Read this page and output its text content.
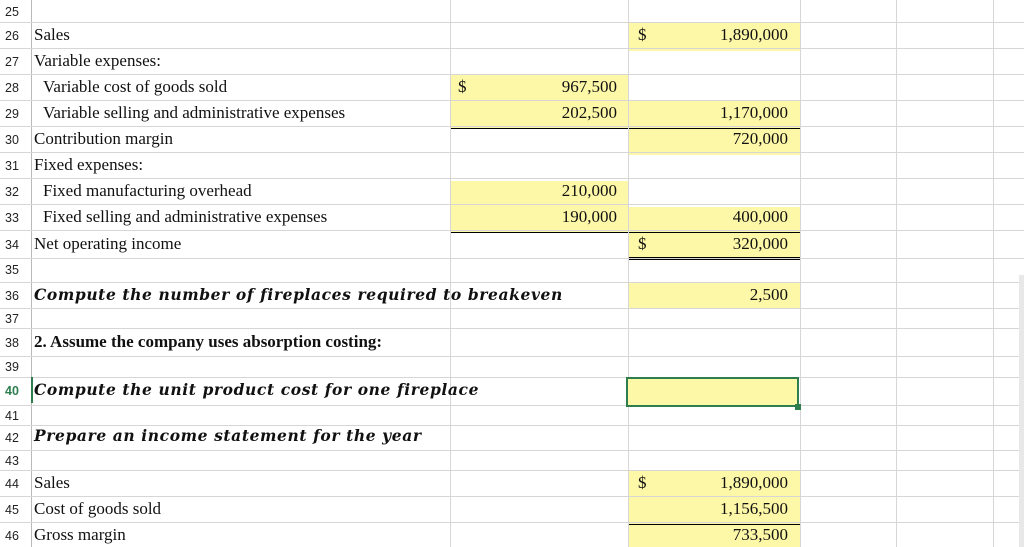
25
26
27
28
29
30
31
32
33
34
35
36
37
38
39
40
41
42
43
44
45
46
Sales
Variable expenses:
Variable cost of goods sold
Variable selling and administrative expenses
Contribution margin
Fixed expenses:
Fixed manufacturing overhead
Fixed selling and administrative expenses
Net operating income
Compute the number of fireplaces required to breakeven
2. Assume the company uses absorption costing:
Compute the unit product cost for one fireplace
Prepare an income statement for the year
Sales
Cost of goods sold
Gross margin
$
$
$
$
967,500
202,500
210,000
190,000
1,890,000
1,170,000
720,000
400,000
320,000
2,500
1,890,000
1,156,500
733,500
